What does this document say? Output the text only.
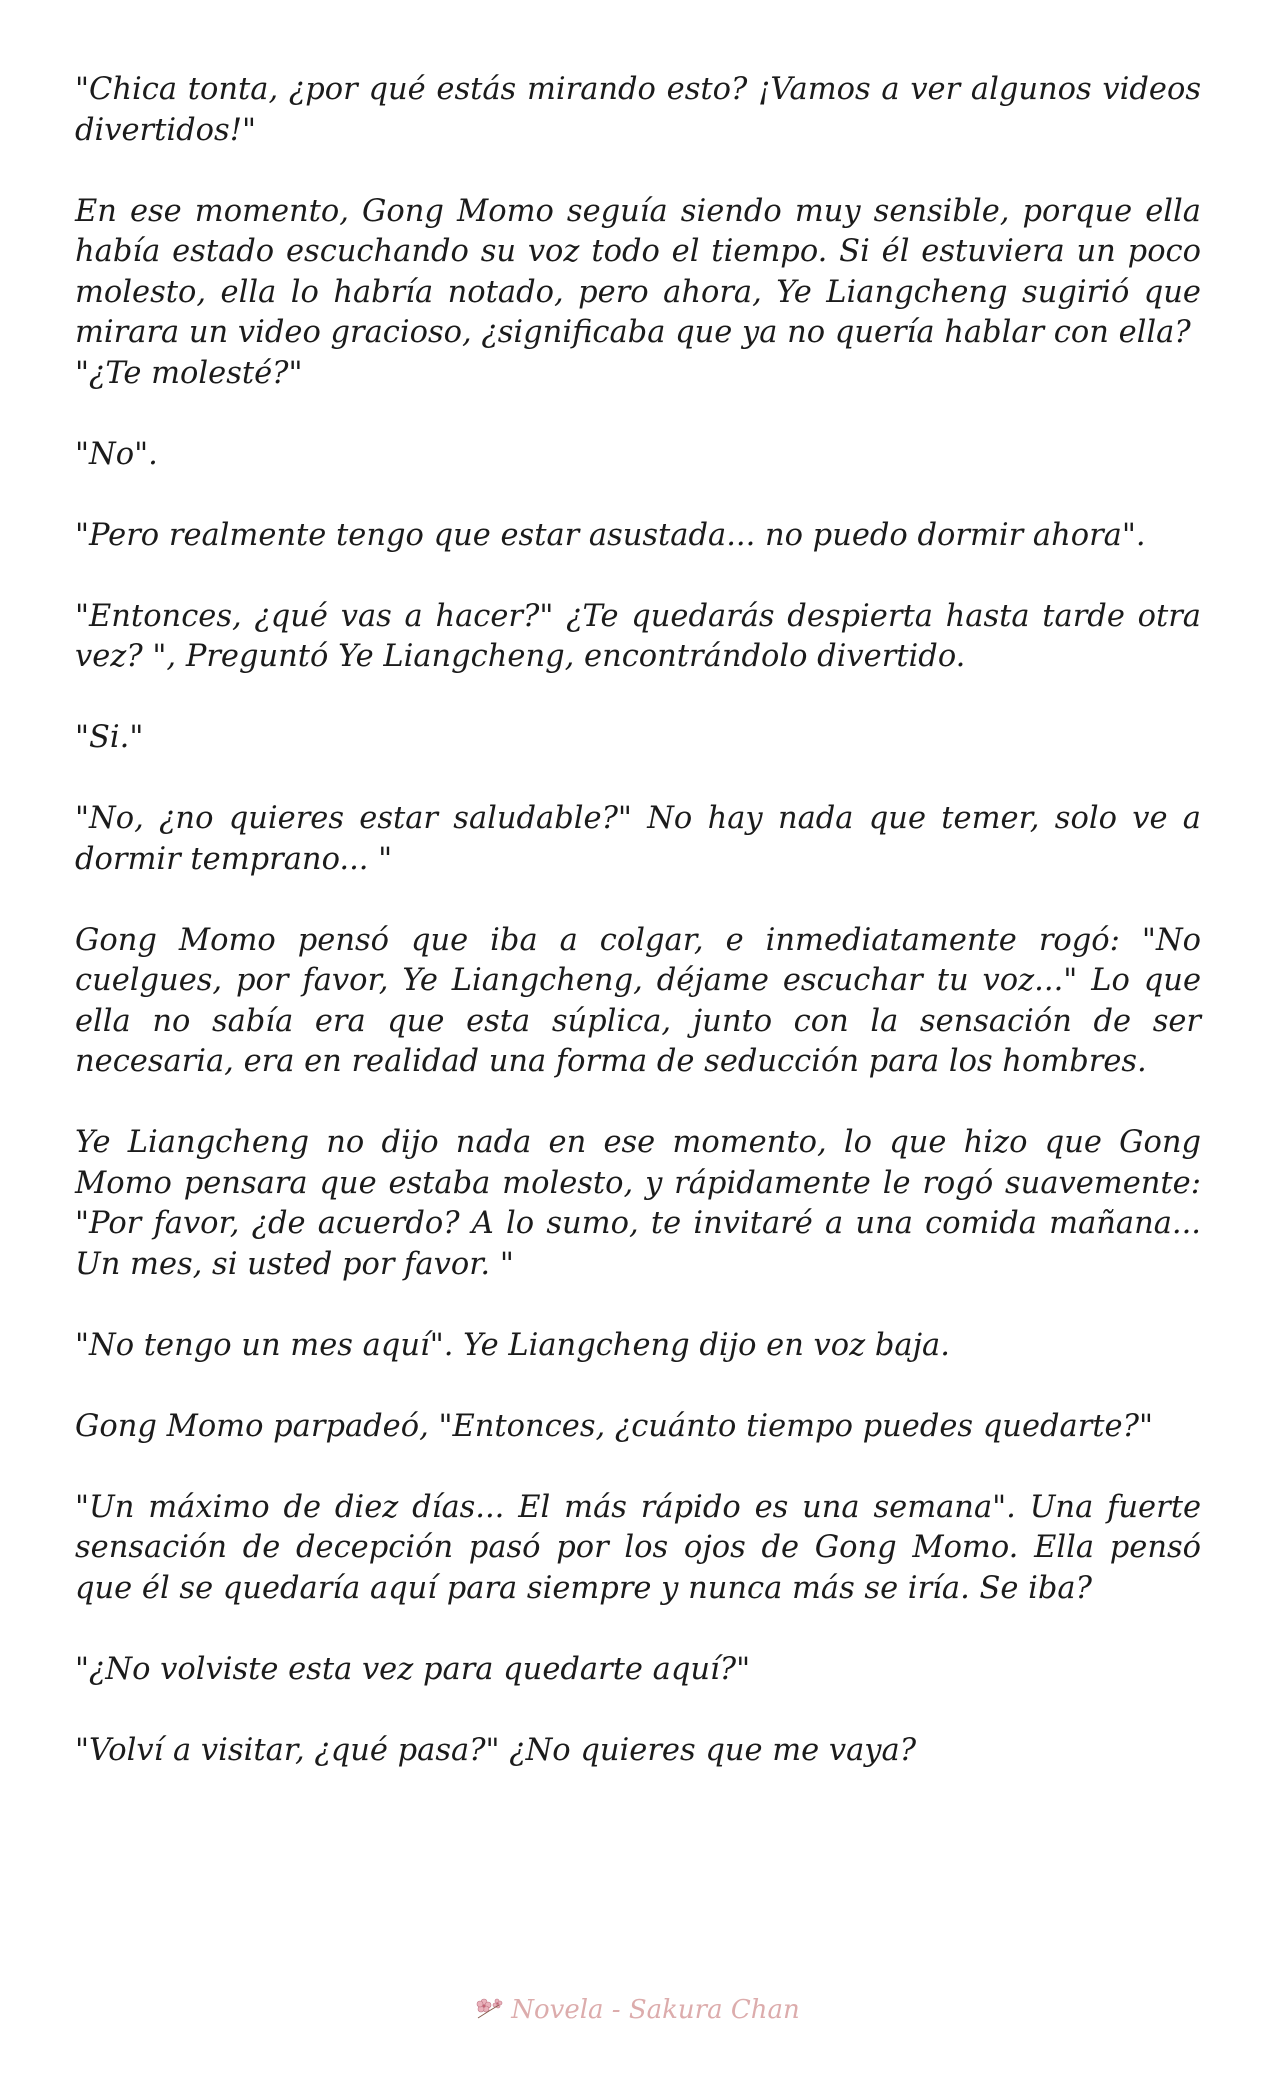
"Chica tonta, ¿por qué estás mirando esto? ¡Vamos a ver algunos videos divertidos!"

En ese momento, Gong Momo seguía siendo muy sensible, porque ella había estado escuchando su voz todo el tiempo. Si él estuviera un poco molesto, ella lo habría notado, pero ahora, Ye Liangcheng sugirió que mirara un video gracioso, ¿significaba que ya no quería hablar con ella?

"¿Te molesté?"

"No".

"Pero realmente tengo que estar asustada... no puedo dormir ahora".

"Entonces, ¿qué vas a hacer?" ¿Te quedarás despierta hasta tarde otra vez? ", Preguntó Ye Liangcheng, encontrándolo divertido.

"Si."

"No, ¿no quieres estar saludable?" No hay nada que temer, solo ve a dormir temprano... "

Gong Momo pensó que iba a colgar, e inmediatamente rogó: "No cuelgues, por favor, Ye Liangcheng, déjame escuchar tu voz..." Lo que ella no sabía era que esta súplica, junto con la sensación de ser necesaria, era en realidad una forma de seducción para los hombres.

Ye Liangcheng no dijo nada en ese momento, lo que hizo que Gong Momo pensara que estaba molesto, y rápidamente le rogó suavemente: "Por favor, ¿de acuerdo? A lo sumo, te invitaré a una comida mañana... Un mes, si usted por favor. "

"No tengo un mes aquí". Ye Liangcheng dijo en voz baja.

Gong Momo parpadeó, "Entonces, ¿cuánto tiempo puedes quedarte?"

"Un máximo de diez días... El más rápido es una semana". Una fuerte sensación de decepción pasó por los ojos de Gong Momo. Ella pensó que él se quedaría aquí para siempre y nunca más se iría. Se iba?

"¿No volviste esta vez para quedarte aquí?"

"Volví a visitar, ¿qué pasa?" ¿No quieres que me vaya?

Novela - Sakura Chan
